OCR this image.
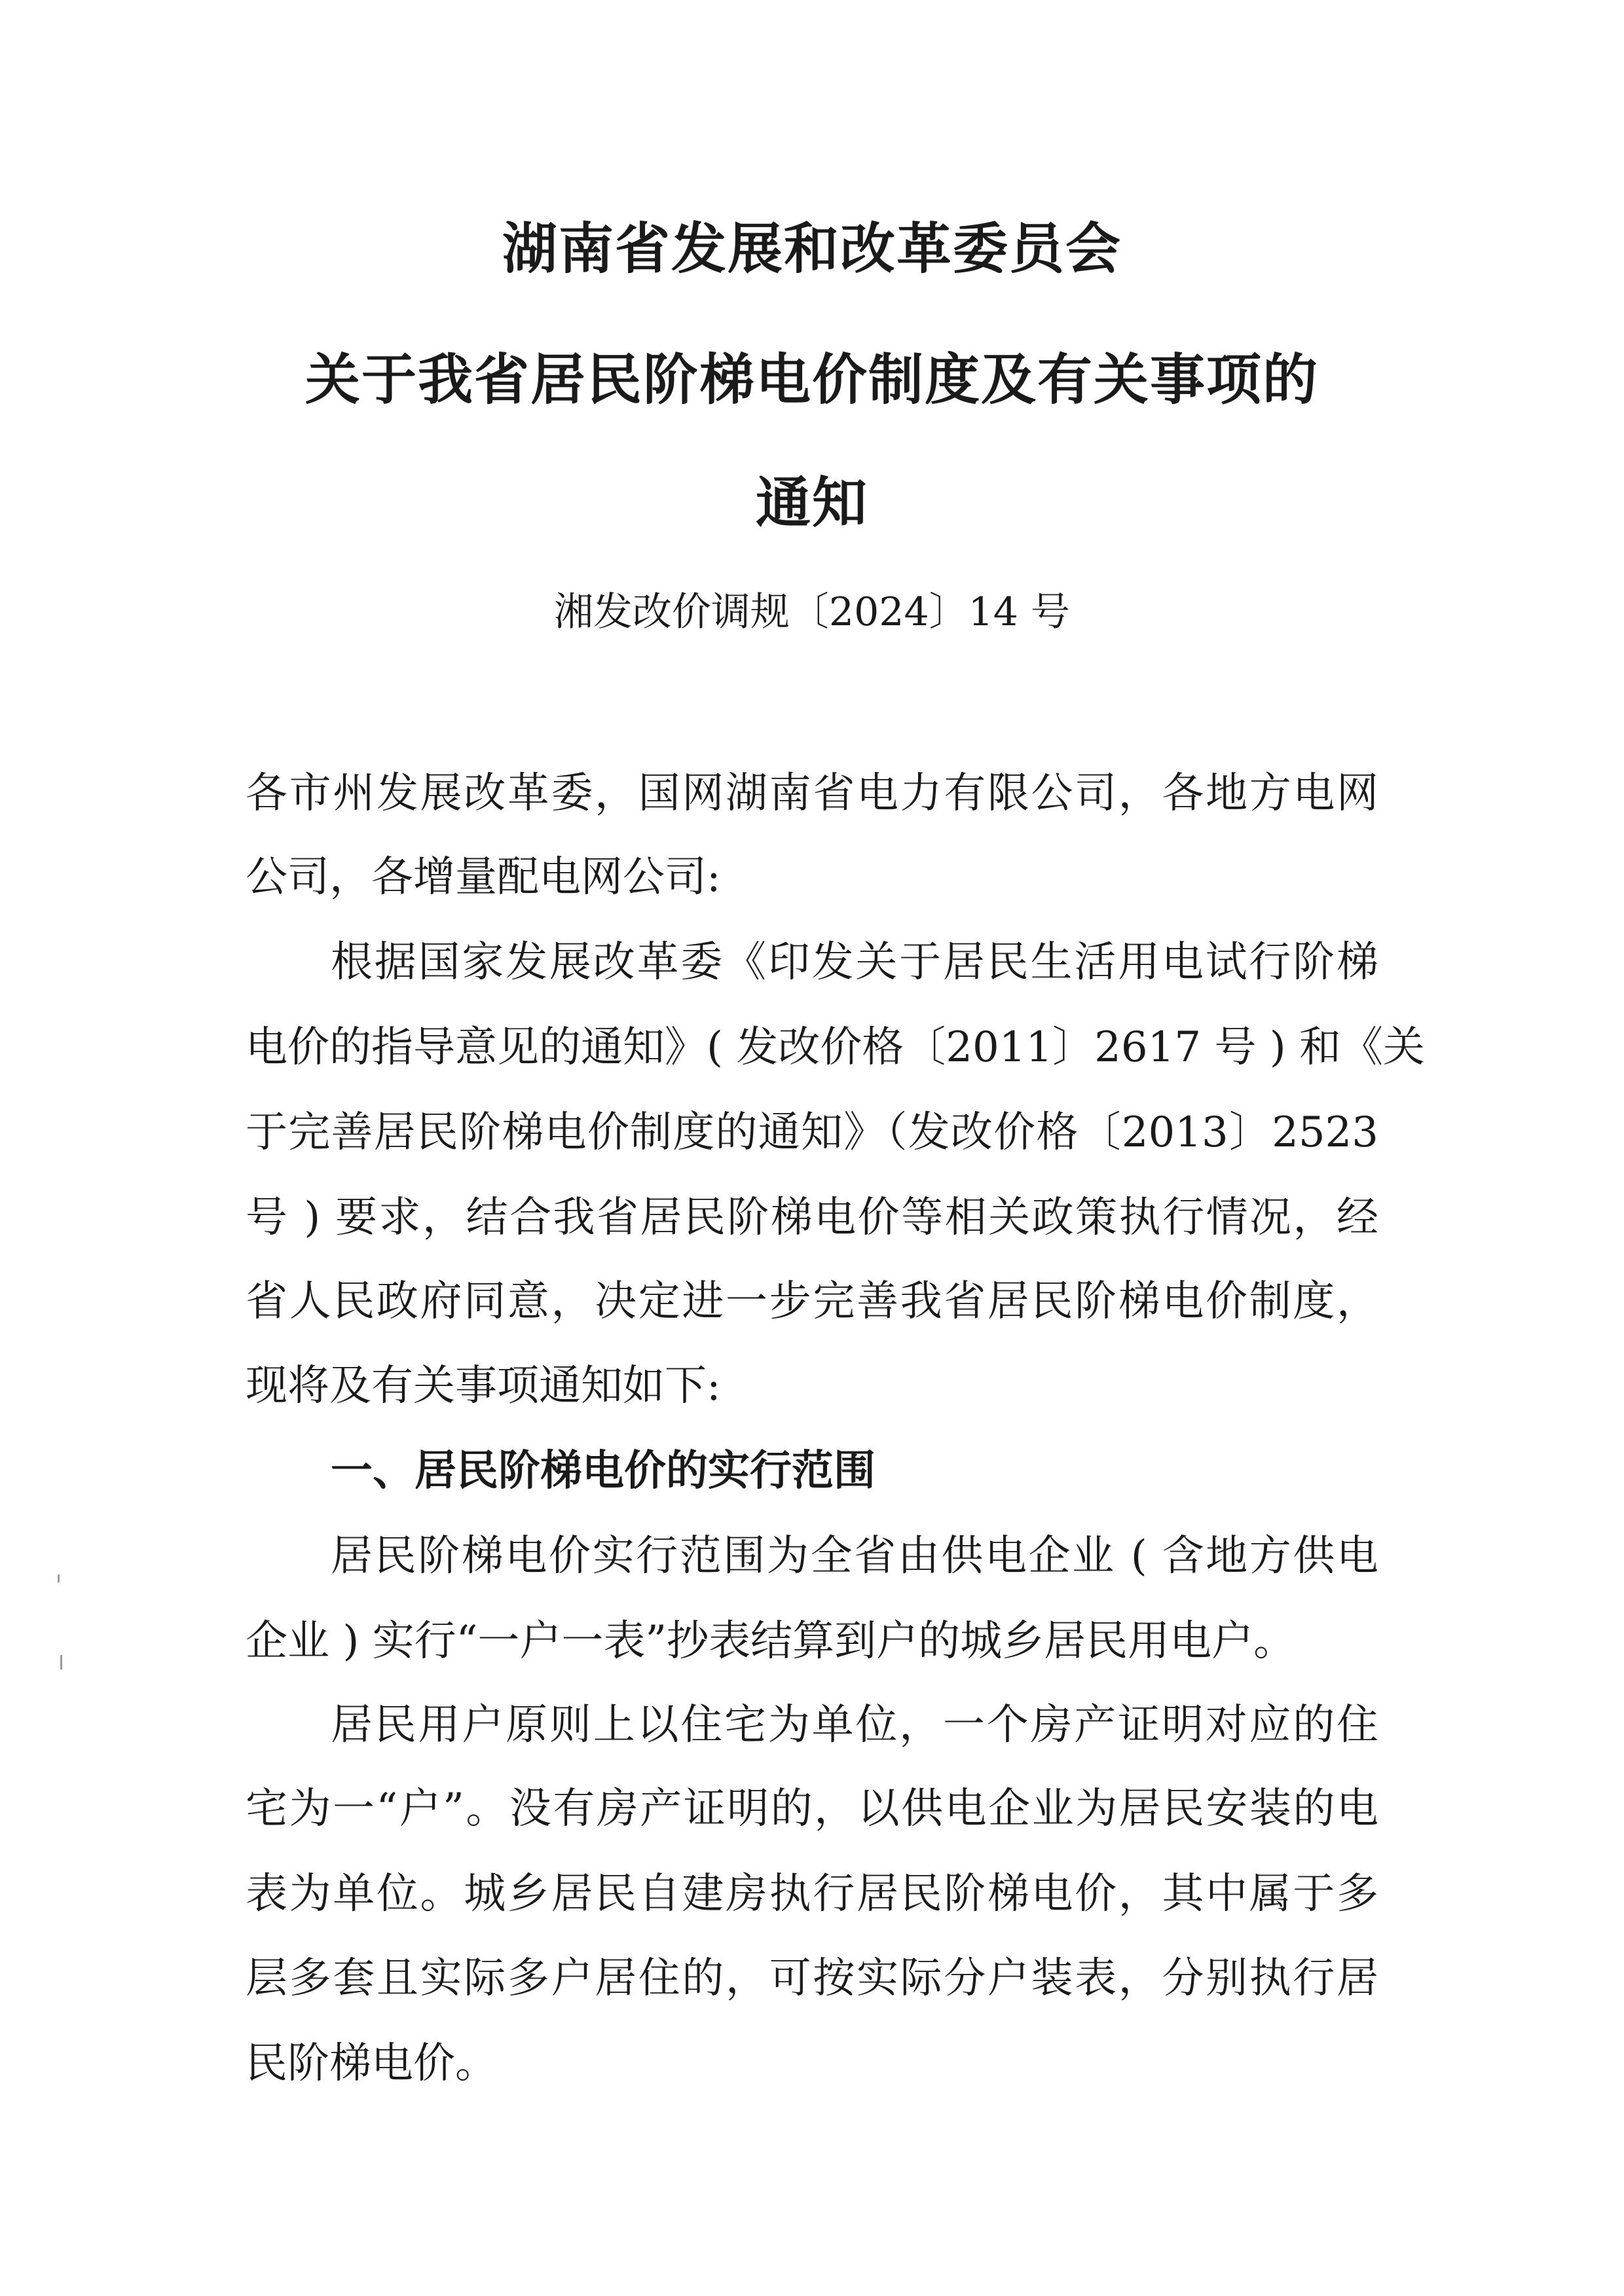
湖南省发展和改革委员会
关于我省居民阶梯电价制度及有关事项的
通知
湘发改价调规〔2024〕14 号
各市州发展改革委，国网湖南省电力有限公司，各地方电网
公司，各增量配电网公司:
根据国家发展改革委《印发关于居民生活用电试行阶梯
电价的指导意见的通知》( 发改价格〔2011〕2617 号 ) 和《关
于完善居民阶梯电价制度的通知》（发改价格〔2013〕2523
号 ) 要求，结合我省居民阶梯电价等相关政策执行情况，经
省人民政府同意，决定进一步完善我省居民阶梯电价制度，
现将及有关事项通知如下:
一、居民阶梯电价的实行范围
居民阶梯电价实行范围为全省由供电企业 ( 含地方供电
企业 ) 实行“一户一表”抄表结算到户的城乡居民用电户。
居民用户原则上以住宅为单位，一个房产证明对应的住
宅为一“户”。没有房产证明的，以供电企业为居民安装的电
表为单位。城乡居民自建房执行居民阶梯电价，其中属于多
层多套且实际多户居住的，可按实际分户装表，分别执行居
民阶梯电价。
